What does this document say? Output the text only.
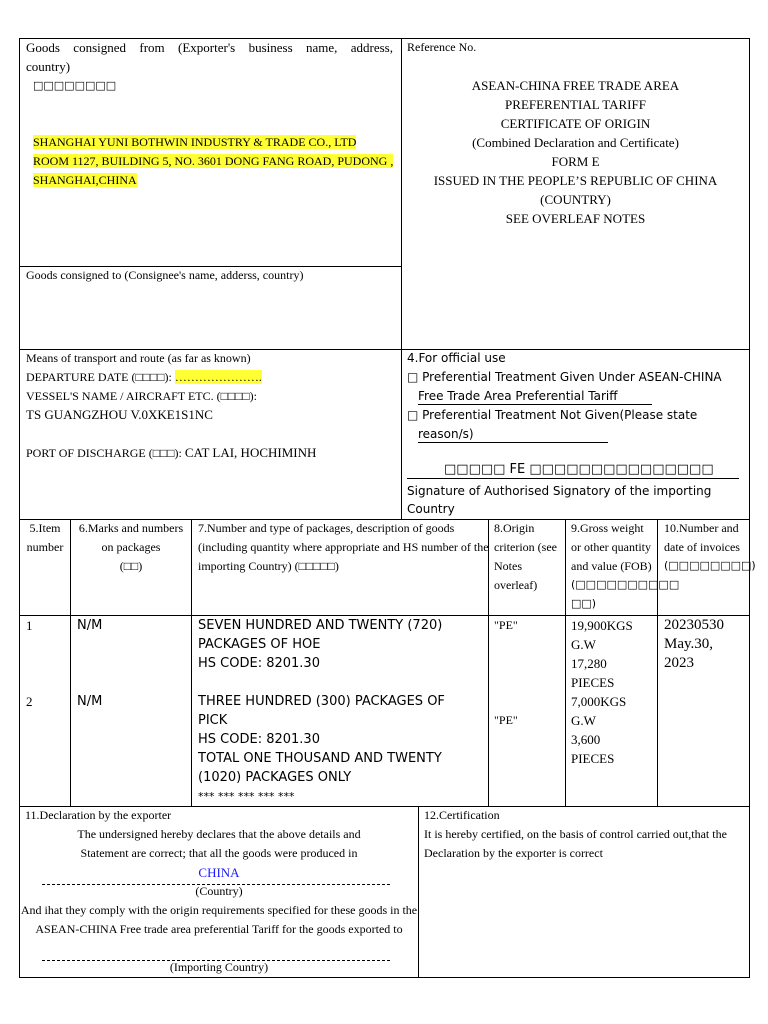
Goods consigned from (Exporter's business name, address,
country)
□□□□□□□□
SHANGHAI YUNI BOTHWIN INDUSTRY & TRADE CO., LTD
ROOM 1127, BUILDING 5, NO. 3601 DONG FANG ROAD, PUDONG ,
SHANGHAI,CHINA
Reference No.
ASEAN-CHINA FREE TRADE AREA
PREFERENTIAL TARIFF
CERTIFICATE OF ORIGIN
(Combined Declaration and Certificate)
FORM E
ISSUED IN THE PEOPLE’S REPUBLIC OF CHINA
(COUNTRY)
SEE OVERLEAF NOTES
Goods consigned to (Consignee's name, adderss, country)
Means of transport and route (as far as known)
DEPARTURE DATE (□□□□): ………………….
VESSEL'S NAME / AIRCRAFT ETC. (□□□□):
TS GUANGZHOU V.0XKE1S1NC
PORT OF DISCHARGE (□□□): CAT LAI, HOCHIMINH
4.For official use
□ Preferential Treatment Given Under ASEAN-CHINA
Free Trade Area Preferential Tariff
□ Preferential Treatment Not Given(Please state
reason/s)
□□□□□ FE □□□□□□□□□□□□□□□
Signature of Authorised Signatory of the importing
Country
5.Item
number
6.Marks and numbers
on packages
(□□)
7.Number and type of packages, description of goods
(including quantity where appropriate and HS number of the
importing Country) (□□□□□)
8.Origin
criterion (see
Notes
overleaf)
9.Gross weight
or other quantity
and value (FOB)
(□□□□□□□□□□
□□)
10.Number and
date of invoices
(□□□□□□□□)
1
2
N/M
N/M
SEVEN HUNDRED AND TWENTY (720)
PACKAGES OF HOE
HS CODE: 8201.30
THREE HUNDRED (300) PACKAGES OF
PICK
HS CODE: 8201.30
TOTAL ONE THOUSAND AND TWENTY
(1020) PACKAGES ONLY
*** *** *** *** ***
"PE"
"PE"
19,900KGS
G.W
17,280
PIECES
7,000KGS
G.W
3,600
PIECES
20230530
May.30,
2023
11.Declaration by the exporter
The undersigned hereby declares that the above details and
Statement are correct; that all the goods were produced in
CHINA
(Country)
And ihat they comply with the origin requirements specified for these goods in the
ASEAN-CHINA Free trade area preferential Tariff for the goods exported to
(Importing Country)
12.Certification
It is hereby certified, on the basis of control carried out,that the
Declaration by the exporter is correct
